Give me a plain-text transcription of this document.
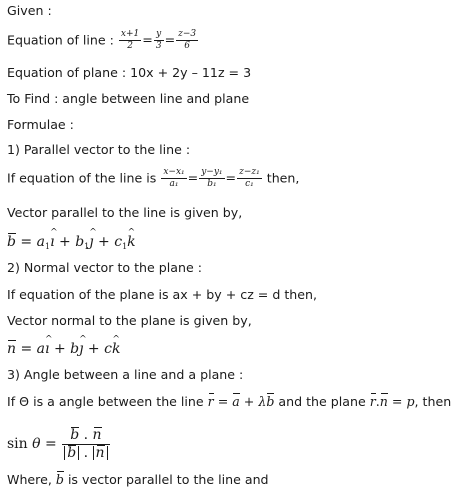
Given :
Equation of line : $\frac{x+1}{2} = \frac{y}{3} = \frac{z-3}{6}$
Equation of plane : 10x + 2y – 11z = 3
To Find : angle between line and plane
Formulae :
1) Parallel vector to the line :
If equation of the line is $\frac{\text{x−x₁}}{\text{a₁}} = \frac{\text{y−y₁}}{\text{b₁}} = \frac{\text{z−z₁}}{\text{c₁}}$ then,
Vector parallel to the line is given by,
$b = a_1ı$ ^ + $b_1ȷ$ ^ + $c_1k$ ^
2) Normal vector to the plane :
If equation of the plane is ax + by + cz = d then,
Vector normal to the plane is given by,
n = aı ^ + bȷ ^ + ck ^
3) Angle between a line and a plane :
If Θ is a angle between the line r = a + λb and the plane r.n = p, then
$\sin \theta = \frac{b . n}{b . n}$
Where, b is vector parallel to the line and
